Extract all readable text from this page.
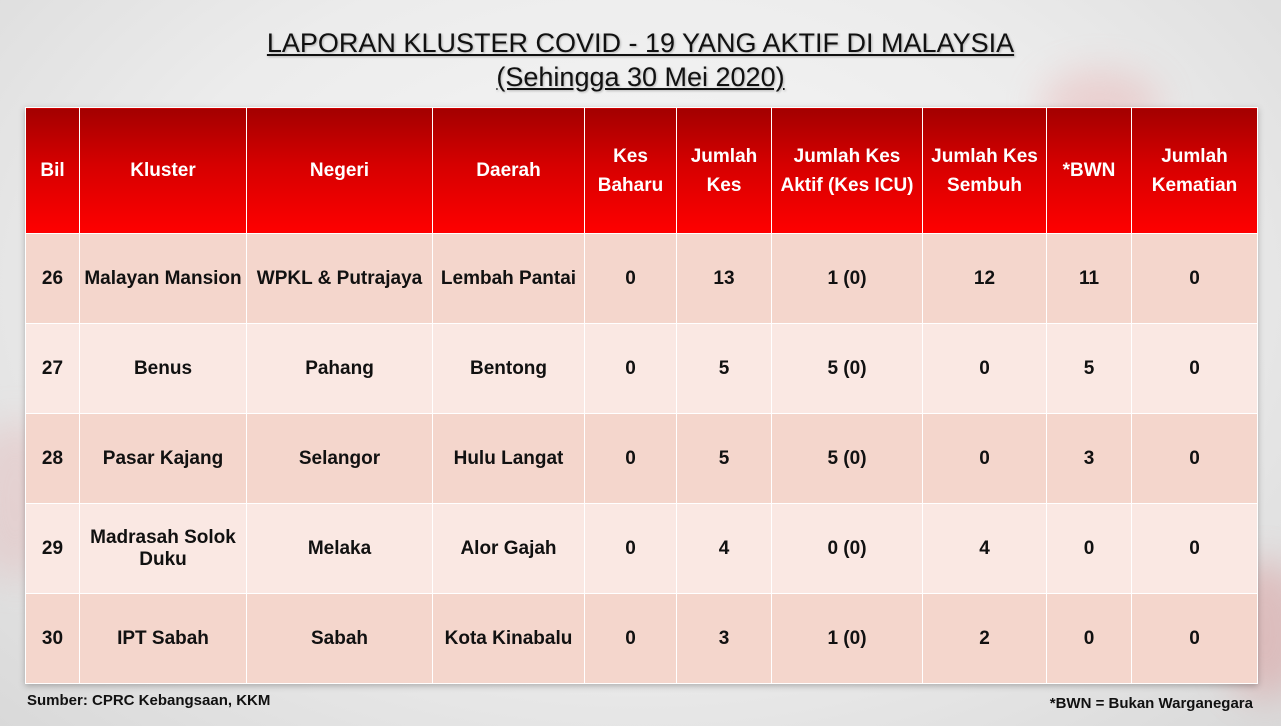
LAPORAN KLUSTER COVID - 19 YANG AKTIF DI MALAYSIA
(Sehingga 30 Mei 2020)
Bil	Kluster	Negeri	Daerah	Kes Baharu	Jumlah Kes	Jumlah Kes Aktif (Kes ICU)	Jumlah Kes Sembuh	*BWN	Jumlah Kematian
26	Malayan Mansion	WPKL & Putrajaya	Lembah Pantai	0	13	1 (0)	12	11	0
27	Benus	Pahang	Bentong	0	5	5 (0)	0	5	0
28	Pasar Kajang	Selangor	Hulu Langat	0	5	5 (0)	0	3	0
29	Madrasah Solok Duku	Melaka	Alor Gajah	0	4	0 (0)	4	0	0
30	IPT Sabah	Sabah	Kota Kinabalu	0	3	1 (0)	2	0	0
Sumber: CPRC Kebangsaan, KKM	*BWN = Bukan Warganegara
